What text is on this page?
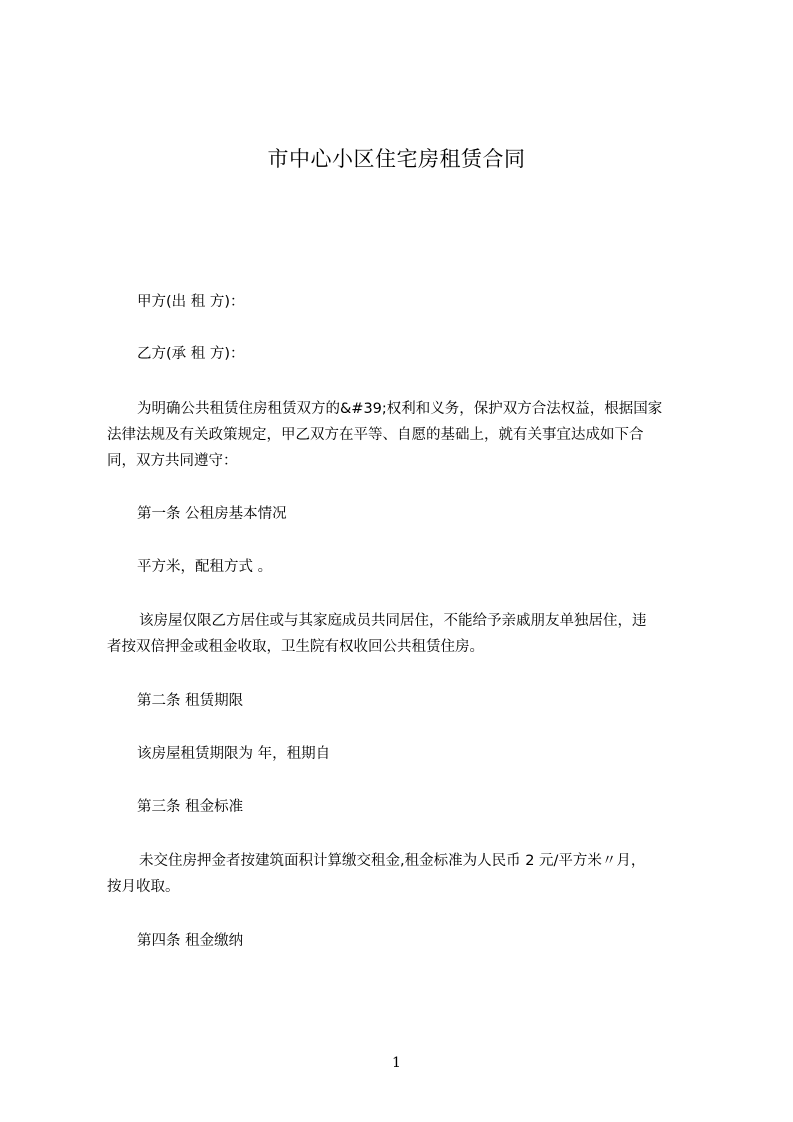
市中心小区住宅房租赁合同
甲方(出 租 方)：
乙方(承 租 方)：
为明确公共租赁住房租赁双方的&#39;权利和义务，保护双方合法权益，根据国家
法律法规及有关政策规定，甲乙双方在平等、自愿的基础上，就有关事宜达成如下合
同，双方共同遵守：
第一条 公租房基本情况
平方米，配租方式 。
该房屋仅限乙方居住或与其家庭成员共同居住，不能给予亲戚朋友单独居住，违
者按双倍押金或租金收取，卫生院有权收回公共租赁住房。
第二条 租赁期限
该房屋租赁期限为 年，租期自
第三条 租金标准
未交住房押金者按建筑面积计算缴交租金,租金标准为人民币 2 元/平方米〃月，
按月收取。
第四条 租金缴纳
1
